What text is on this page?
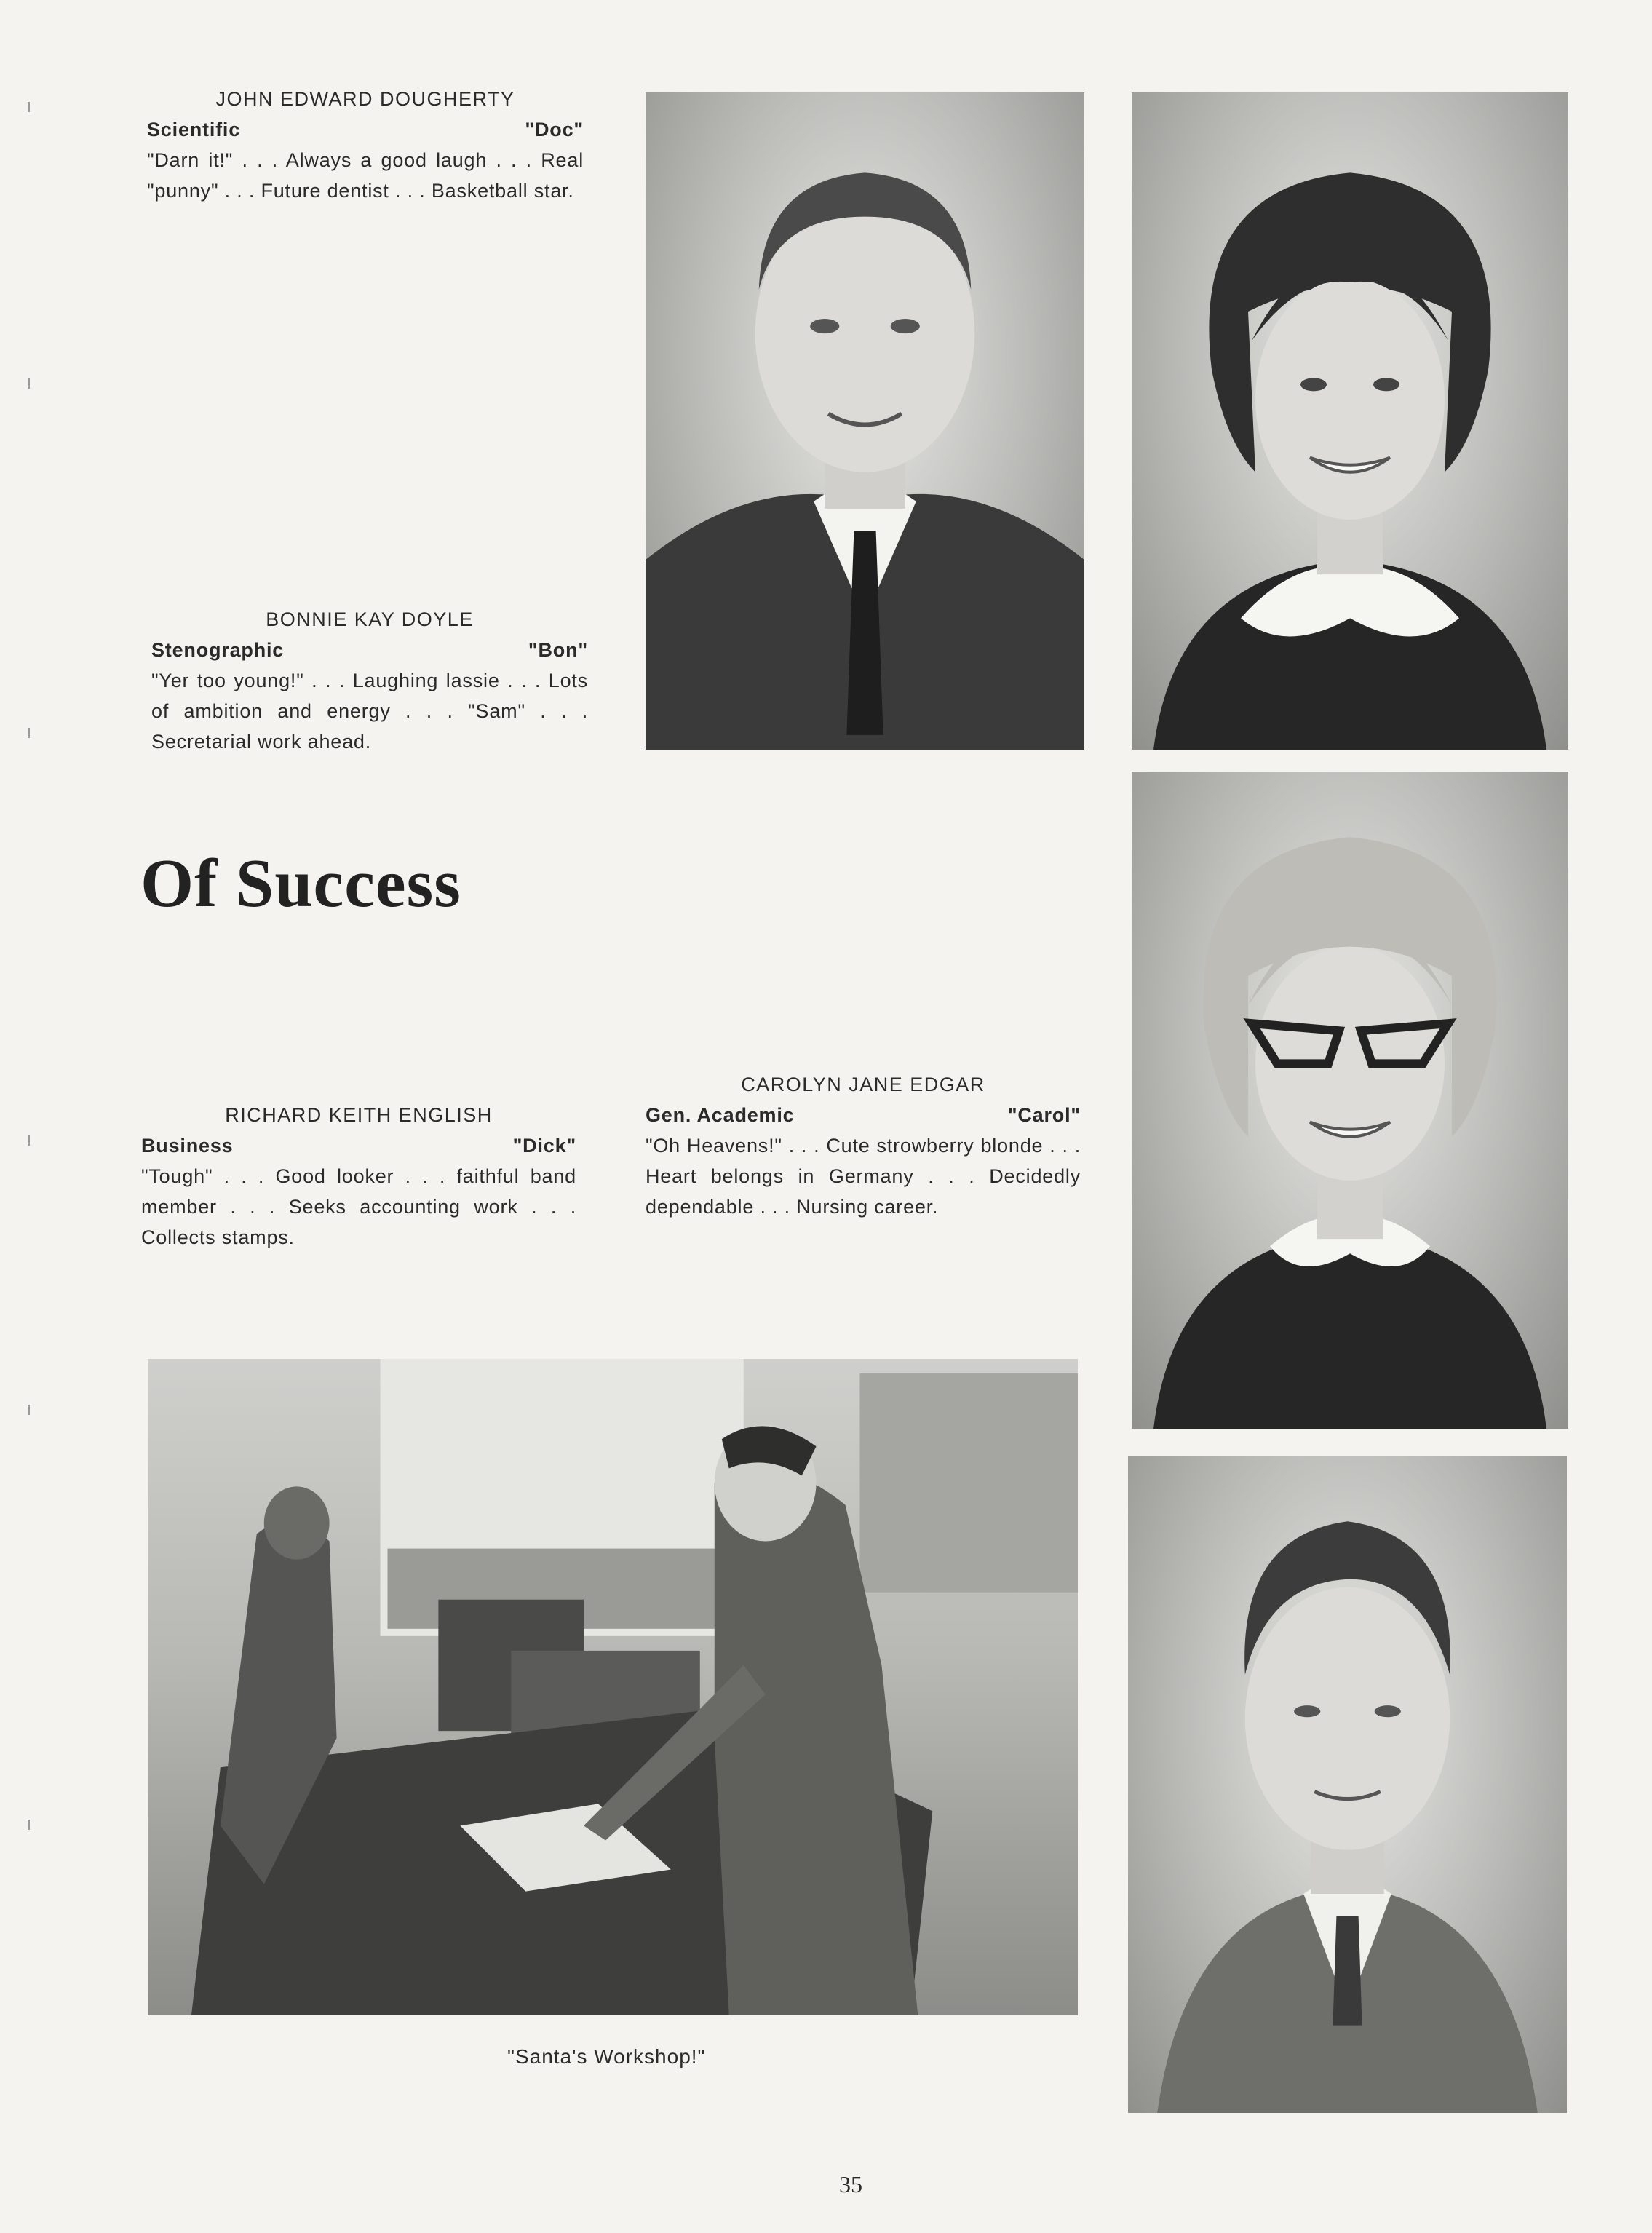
JOHN EDWARD DOUGHERTY
Scientific	"Doc"
"Darn it!" . . . Always a good laugh . . . Real "punny" . . . Future dentist . . . Basketball star.
BONNIE KAY DOYLE
Stenographic	"Bon"
"Yer too young!" . . . Laughing lassie . . . Lots of ambition and energy . . . "Sam" . . . Secretarial work ahead.
Of Success
RICHARD KEITH ENGLISH
Business	"Dick"
"Tough" . . . Good looker . . . faithful band member . . . Seeks accounting work . . . Collects stamps.
CAROLYN JANE EDGAR
Gen. Academic	"Carol"
"Oh Heavens!" . . . Cute strowberry blonde . . . Heart belongs in Germany . . . Decidedly dependable . . . Nursing career.
"Santa's Workshop!"
35
